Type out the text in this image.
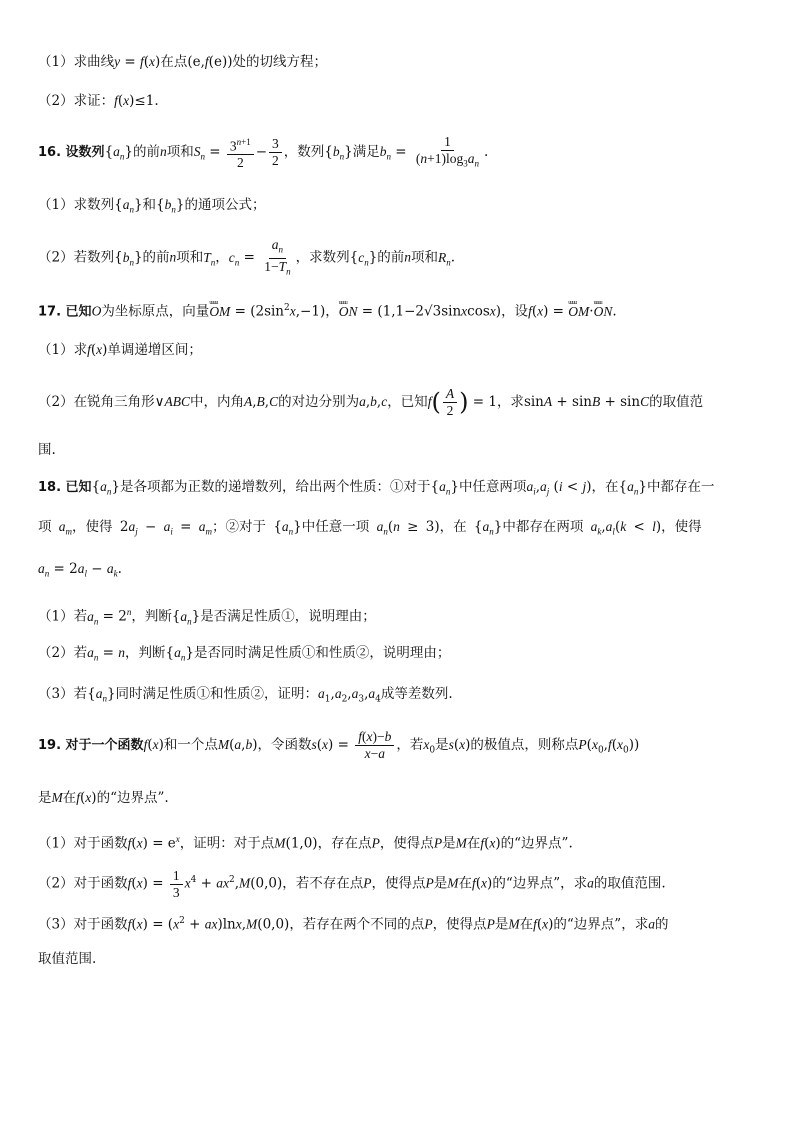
（1）求曲线y = f(x)在点(e,f(e))处的切线方程；
（2）求证：f(x)≤1.
16. 设数列$\{a_n\}$的前n项和$S_n = \frac{3^{n+1}}{2} - \frac{3}{2}$ ，数列$\{b_n\}$满足$b_n = \frac{1}{(n+1)\log_3a_n}$ .
（1）求数列$\{a_n\}$和$\{b_n\}$的通项公式；
（2）若数列$\{b_n\}$的前n项和$T_n$，$c_n = \frac{a_n}{1-T_n}$ ，求数列$\{c_n\}$的前n项和$R_n$.
17. 已知O为坐标原点，向量uuuu OM = $(2\sin^2x,-1)$，uuuu ON = (1,1−2√3sinxcosx)，设f(x) = uuuu OM·uuuu ON.
（1）求f(x)单调递增区间；
（2）在锐角三角形∨ABC中，内角A,B,C的对边分别为a,b,c，已知$f( \frac{A}{2}$ ) = 1，求sinA + sinB + sinC的取值范
围.
18. 已知$\{a_n\}$是各项都为正数的递增数列，给出两个性质：①对于$\{a_n\}$中任意两项$a_i,a_j$ (i < j)，在$\{a_n\}$中都存在一
项 $a_m$，使得 $2a_j - a_i = a_m$；②对于 $\{a_n\}$中任意一项 $a_n(n \ge 3)$，在 $\{a_n\}$中都存在两项 $a_k,a_l(k < l)$，使得
$a_n = 2a_l - a_k$.
（1）若$a_n = 2^n$，判断$\{a_n\}$是否满足性质①，说明理由；
（2）若$a_n = n$，判断$\{a_n\}$是否同时满足性质①和性质②，说明理由；
（3）若$\{a_n\}$同时满足性质①和性质②，证明：$a_1,a_2,a_3,a_4$成等差数列.
19. 对于一个函数f(x)和一个点M(a,b)，令函数$s(x) = \frac{f(x)-b}{x-a}$ ，若$x_0$是s(x)的极值点，则称点$P(x_0,f(x_0))$
是M在f(x)的“边界点”.
（1）对于函数$f(x) = e^x$，证明：对于点M(1,0)，存在点P，使得点P是M在f(x)的“边界点”.
（2）对于函数$f(x) = \frac{1}{3} x^4 + ax^2,M(0,0)$，若不存在点P，使得点P是M在f(x)的“边界点”，求a的取值范围.
（3）对于函数$f(x) = (x^2 + ax)\ln x,M(0,0)$，若存在两个不同的点P，使得点P是M在f(x)的“边界点”，求a的
取值范围.
